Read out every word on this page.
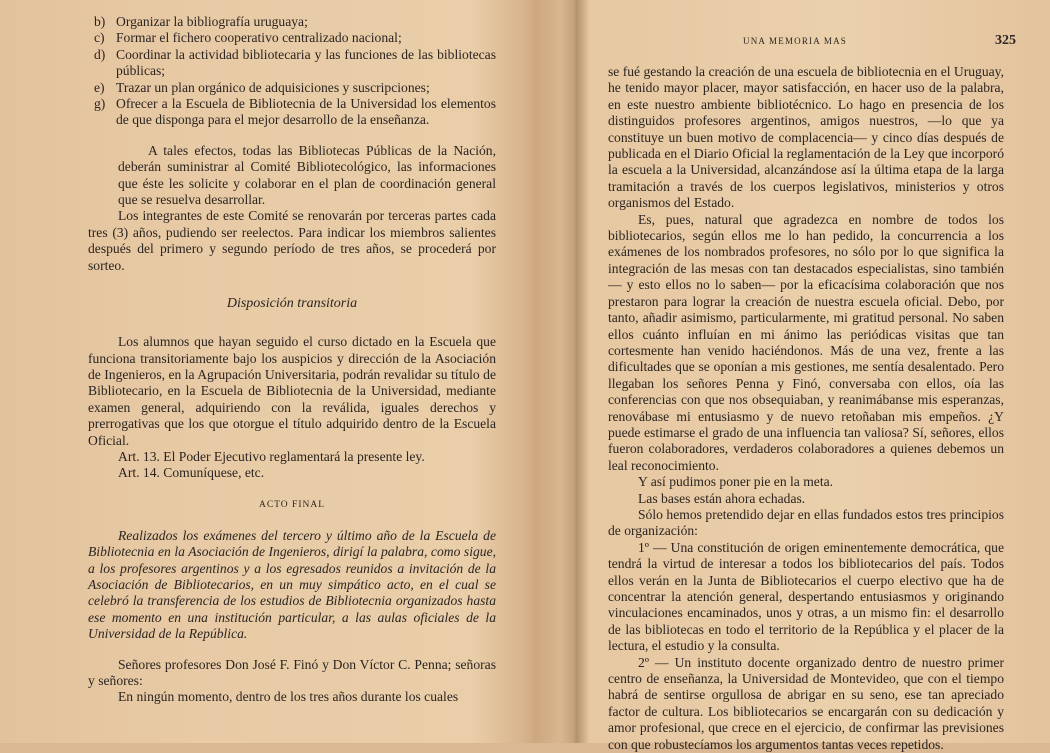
b) Organizar la bibliografía uruguaya;
c) Formar el fichero cooperativo centralizado nacional;
d) Coordinar la actividad bibliotecaria y las funciones de las bibliotecas públicas;
e) Trazar un plan orgánico de adquisiciones y suscripciones;
g) Ofrecer a la Escuela de Bibliotecnia de la Universidad los elementos de que disponga para el mejor desarrollo de la enseñanza.

A tales efectos, todas las Bibliotecas Públicas de la Nación, deberán suministrar al Comité Bibliotecológico, las informaciones que éste les solicite y colaborar en el plan de coordinación general que se resuelva desarrollar.

Los integrantes de este Comité se renovarán por terceras partes cada tres (3) años, pudiendo ser reelectos. Para indicar los miembros salientes después del primero y segundo período de tres años, se procederá por sorteo.

Disposición transitoria

Los alumnos que hayan seguido el curso dictado en la Escuela que funciona transitoriamente bajo los auspicios y dirección de la Asociación de Ingenieros, en la Agrupación Universitaria, podrán revalidar su título de Bibliotecario, en la Escuela de Bibliotecnia de la Universidad, mediante examen general, adquiriendo con la reválida, iguales derechos y prerrogativas que los que otorgue el título adquirido dentro de la Escuela Oficial.

Art. 13. El Poder Ejecutivo reglamentará la presente ley.

Art. 14. Comuníquese, etc.

ACTO FINAL

Realizados los exámenes del tercero y último año de la Escuela de Bibliotecnia en la Asociación de Ingenieros, dirigí la palabra, como sigue, a los profesores argentinos y a los egresados reunidos a invitación de la Asociación de Bibliotecarios, en un muy simpático acto, en el cual se celebró la transferencia de los estudios de Bibliotecnia organizados hasta ese momento en una institución particular, a las aulas oficiales de la Universidad de la República.

Señores profesores Don José F. Finó y Don Víctor C. Penna; señoras y señores:

En ningún momento, dentro de los tres años durante los cuales

UNA MEMORIA MAS	325

se fué gestando la creación de una escuela de bibliotecnia en el Uruguay, he tenido mayor placer, mayor satisfacción, en hacer uso de la palabra, en este nuestro ambiente bibliotécnico. Lo hago en presencia de los distinguidos profesores argentinos, amigos nuestros, —lo que ya constituye un buen motivo de complacencia— y cinco días después de publicada en el Diario Oficial la reglamentación de la Ley que incorporó la escuela a la Universidad, alcanzándose así la última etapa de la larga tramitación a través de los cuerpos legislativos, ministerios y otros organismos del Estado.

Es, pues, natural que agradezca en nombre de todos los bibliotecarios, según ellos me lo han pedido, la concurrencia a los exámenes de los nombrados profesores, no sólo por lo que significa la integración de las mesas con tan destacados especialistas, sino también — y esto ellos no lo saben— por la eficacísima colaboración que nos prestaron para lograr la creación de nuestra escuela oficial. Debo, por tanto, añadir asimismo, particularmente, mi gratitud personal. No saben ellos cuánto influían en mi ánimo las periódicas visitas que tan cortesmente han venido haciéndonos. Más de una vez, frente a las dificultades que se oponían a mis gestiones, me sentía desalentado. Pero llegaban los señores Penna y Finó, conversaba con ellos, oía las conferencias con que nos obsequiaban, y reanimábanse mis esperanzas, renovábase mi entusiasmo y de nuevo retoñaban mis empeños. ¿Y puede estimarse el grado de una influencia tan valiosa? Sí, señores, ellos fueron colaboradores, verdaderos colaboradores a quienes debemos un leal reconocimiento.

Y así pudimos poner pie en la meta.

Las bases están ahora echadas.

Sólo hemos pretendido dejar en ellas fundados estos tres principios de organización:

1º — Una constitución de origen eminentemente democrática, que tendrá la virtud de interesar a todos los bibliotecarios del país. Todos ellos verán en la Junta de Bibliotecarios el cuerpo electivo que ha de concentrar la atención general, despertando entusiasmos y originando vinculaciones encaminados, unos y otras, a un mismo fin: el desarrollo de las bibliotecas en todo el territorio de la República y el placer de la lectura, el estudio y la consulta.

2º — Un instituto docente organizado dentro de nuestro primer centro de enseñanza, la Universidad de Montevideo, que con el tiempo habrá de sentirse orgullosa de abrigar en su seno, ese tan apreciado factor de cultura. Los bibliotecarios se encargarán con su dedicación y amor profesional, que crece en el ejercicio, de confirmar las previsiones con que robustecíamos los argumentos tantas veces repetidos.
